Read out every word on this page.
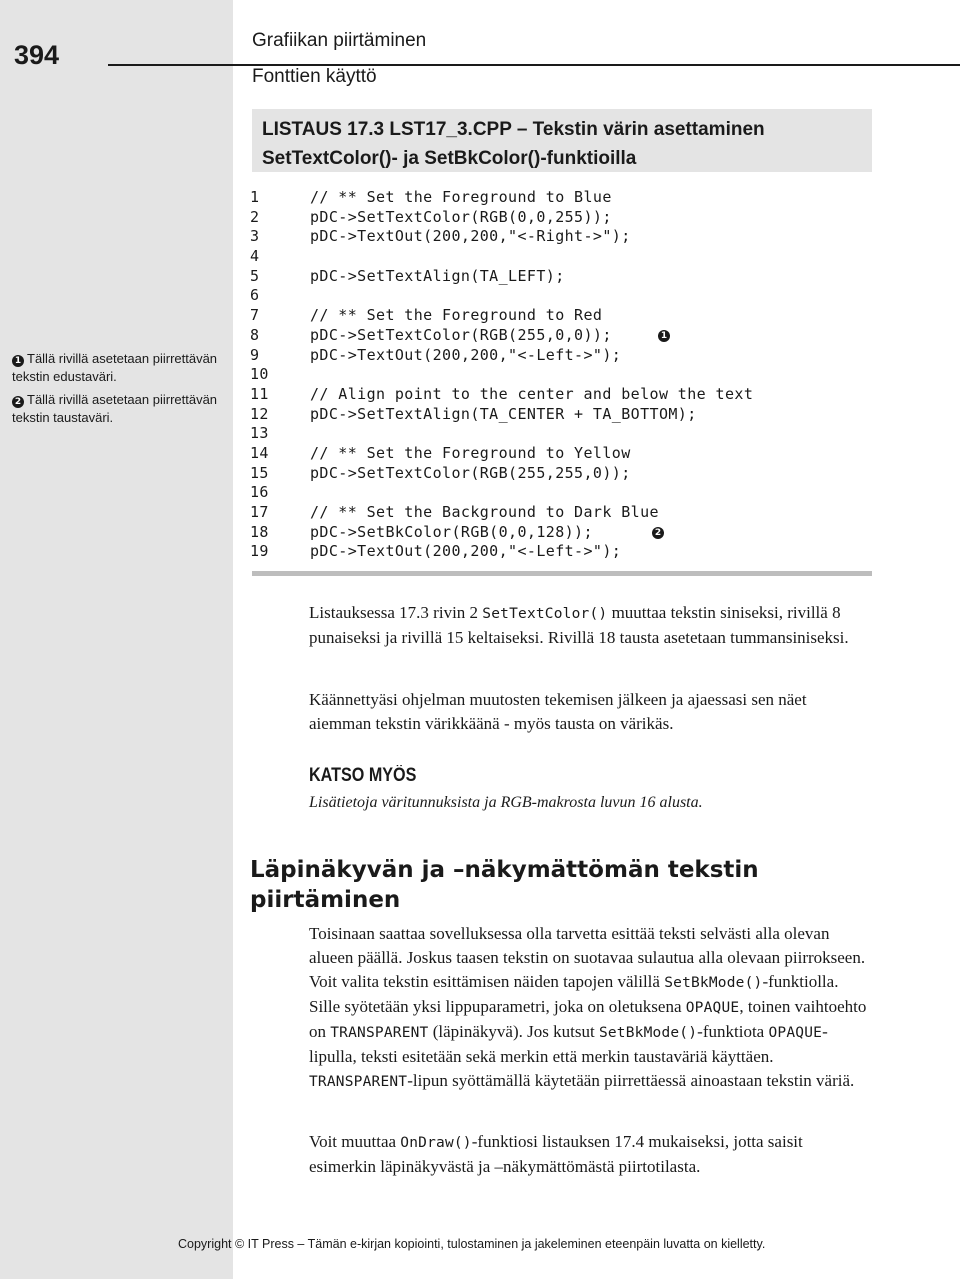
394	Grafiikan piirtäminen
Fonttien käyttö
1 Tällä rivillä asetetaan piirrettävän tekstin edustaväri.
2 Tällä rivillä asetetaan piirrettävän tekstin taustaväri.
LISTAUS 17.3 LST17_3.CPP – Tekstin värin asettaminen
SetTextColor()- ja SetBkColor()-funktioilla
1	// ** Set the Foreground to Blue
2	pDC->SetTextColor(RGB(0,0,255));
3	pDC->TextOut(200,200,"<-Right->");
4
5	pDC->SetTextAlign(TA_LEFT);
6
7	// ** Set the Foreground to Red
8	pDC->SetTextColor(RGB(255,0,0));	1
9	pDC->TextOut(200,200,"<-Left->");
10
11	// Align point to the center and below the text
12	pDC->SetTextAlign(TA_CENTER + TA_BOTTOM);
13
14	// ** Set the Foreground to Yellow
15	pDC->SetTextColor(RGB(255,255,0));
16
17	// ** Set the Background to Dark Blue
18	pDC->SetBkColor(RGB(0,0,128));	2
19	pDC->TextOut(200,200,"<-Left->");
Listauksessa 17.3 rivin 2 SetTextColor() muuttaa tekstin siniseksi, rivillä 8 punaiseksi ja rivillä 15 keltaiseksi. Rivillä 18 tausta asetetaan tummansiniseksi.
Käännettyäsi ohjelman muutosten tekemisen jälkeen ja ajaessasi sen näet aiemman tekstin värikkäänä - myös tausta on värikäs.
KATSO MYÖS
Lisätietoja väritunnuksista ja RGB-makrosta luvun 16 alusta.
Läpinäkyvän ja –näkymättömän tekstin piirtäminen
Toisinaan saattaa sovelluksessa olla tarvetta esittää teksti selvästi alla olevan alueen päällä. Joskus taasen tekstin on suotavaa sulautua alla olevaan piirrokseen. Voit valita tekstin esittämisen näiden tapojen välillä SetBkMode()-funktiolla. Sille syötetään yksi lippuparametri, joka on oletuksena OPAQUE, toinen vaihtoehto on TRANSPARENT (läpinäkyvä). Jos kutsut SetBkMode()-funktiota OPAQUE-lipulla, teksti esitetään sekä merkin että merkin taustaväriä käyttäen. TRANSPARENT-lipun syöttämällä käytetään piirrettäessä ainoastaan tekstin väriä.
Voit muuttaa OnDraw()-funktiosi listauksen 17.4 mukaiseksi, jotta saisit esimerkin läpinäkyvästä ja –näkymättömästä piirtotilasta.
Copyright © IT Press – Tämän e-kirjan kopiointi, tulostaminen ja jakeleminen eteenpäin luvatta on kielletty.
